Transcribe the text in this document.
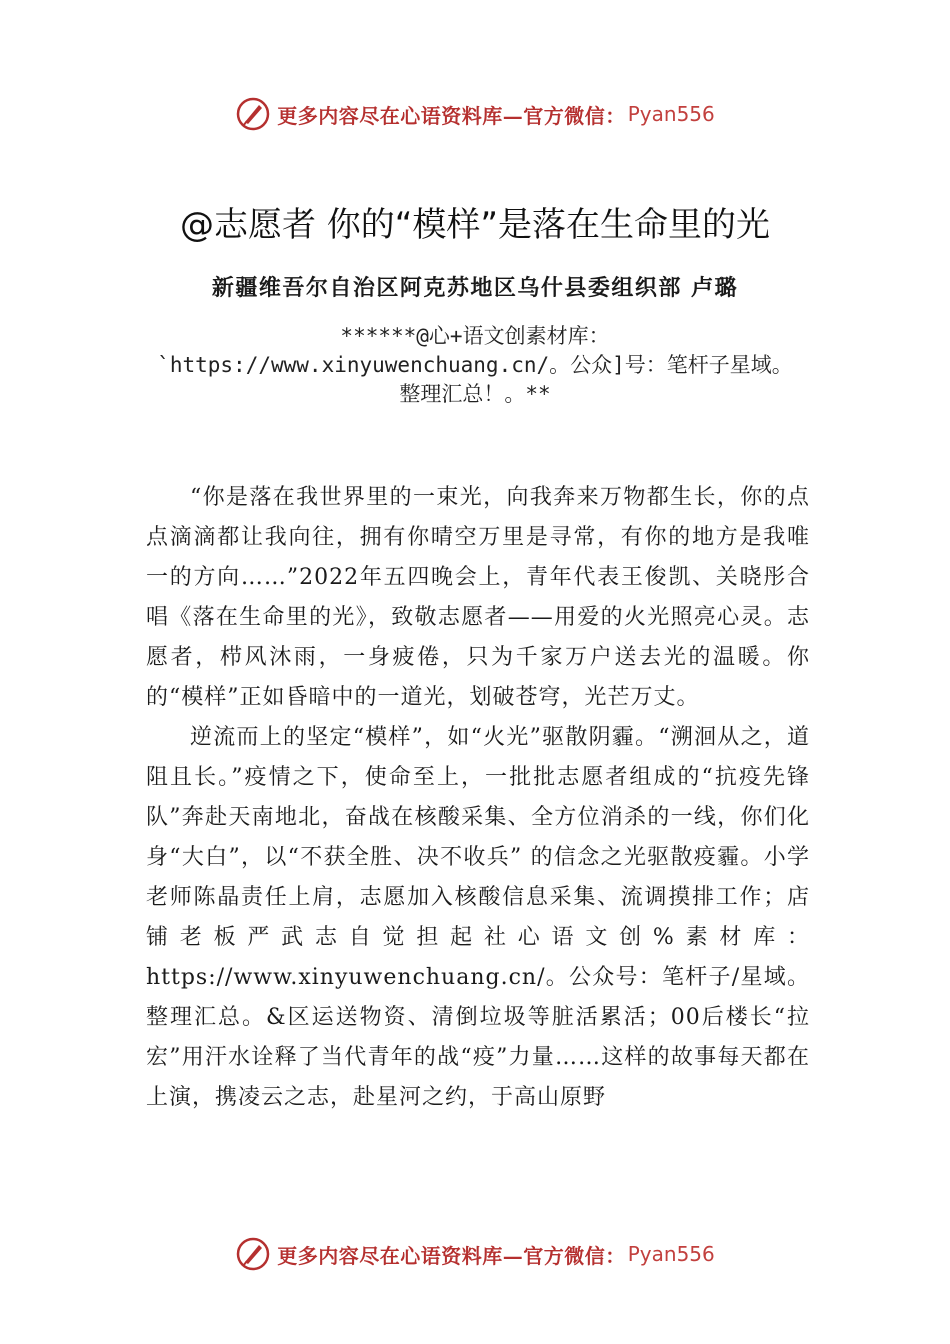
更多内容尽在心语资料库—官方微信： Pyan556
@志愿者 你的“模样”是落在生命里的光
新疆维吾尔自治区阿克苏地区乌什县委组织部 卢璐
******@心+语文创素材库：`https://www.xinyuwenchuang.cn/。公众]号：笔杆子星域。整理汇总！。**

“你是落在我世界里的一束光，向我奔来万物都生长，你的点点滴滴都让我向往，拥有你晴空万里是寻常，有你的地方是我唯一的方向……”2022年五四晚会上，青年代表王俊凯、关晓彤合唱《落在生命里的光》，致敬志愿者——用爱的火光照亮心灵。志愿者，栉风沐雨，一身疲倦，只为千家万户送去光的温暖。你的“模样”正如昏暗中的一道光，划破苍穹，光芒万丈。

逆流而上的坚定“模样”，如“火光”驱散阴霾。“溯洄从之，道阻且长。”疫情之下，使命至上，一批批志愿者组成的“抗疫先锋队”奔赴天南地北，奋战在核酸采集、全方位消杀的一线，你们化身“大白”，以“不获全胜、决不收兵” 的信念之光驱散疫霾。小学老师陈晶责任上肩，志愿加入核酸信息采集、流调摸排工作；店铺老板严武志自觉担起社心语文创%素材库：https://www.xinyuwenchuang.cn/。公众号：笔杆子/星域。整理汇总。&区运送物资、清倒垃圾等脏活累活；00后楼长“拉宏”用汗水诠释了当代青年的战“疫”力量……这样的故事每天都在上演，携凌云之志，赴星河之约，于高山原野

更多内容尽在心语资料库—官方微信： Pyan556
